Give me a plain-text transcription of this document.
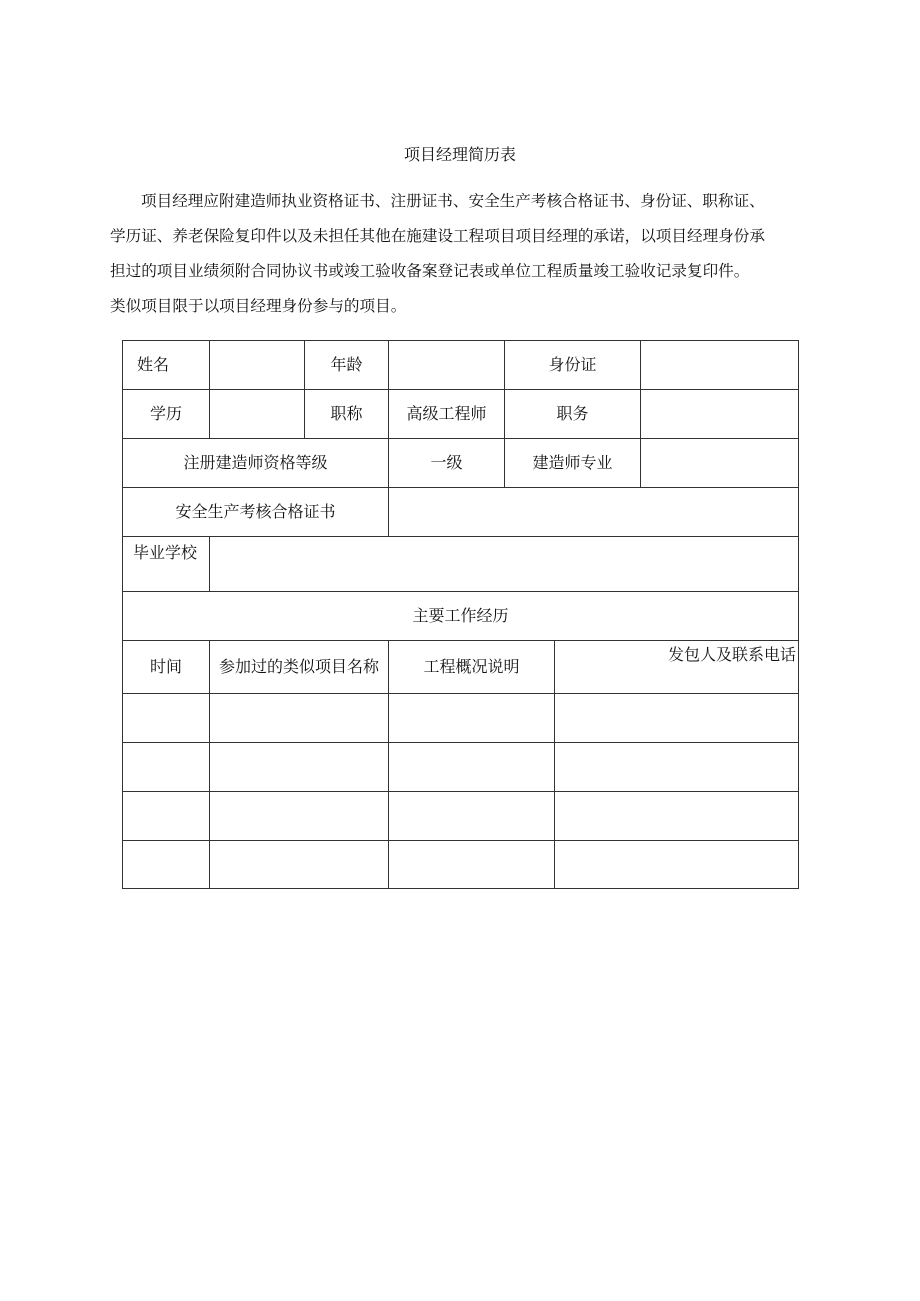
项目经理简历表

项目经理应附建造师执业资格证书、注册证书、安全生产考核合格证书、身份证、职称证、
学历证、养老保险复印件以及未担任其他在施建设工程项目项目经理的承诺，以项目经理身份承
担过的项目业绩须附合同协议书或竣工验收备案登记表或单位工程质量竣工验收记录复印件。
类似项目限于以项目经理身份参与的项目。

姓名		年龄		身份证		
学历		职称	高级工程师	职务		
注册建造师资格等级			一级	建造师专业		
安全生产考核合格证书						
毕业学校						
主要工作经历						
时间	参加过的类似项目名称		工程概况说明		发包人及联系电话	
